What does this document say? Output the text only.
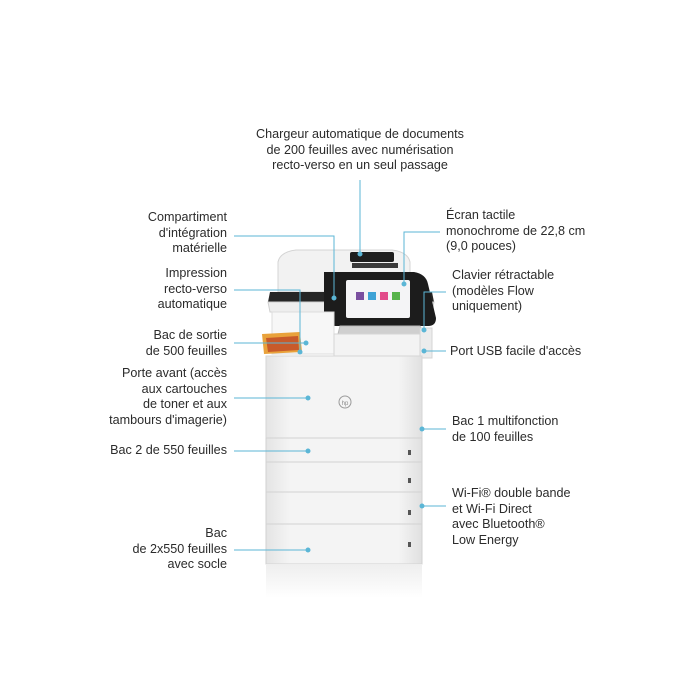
hp
Chargeur automatique de documents
de 200 feuilles avec numérisation
recto-verso en un seul passage
Compartiment
d'intégration
matérielle
Impression
recto-verso
automatique
Bac de sortie
de 500 feuilles
Porte avant (accès
aux cartouches
de toner et aux
tambours d'imagerie)
Bac 2 de 550 feuilles
Bac
de 2x550 feuilles
avec socle
Écran tactile
monochrome de 22,8 cm
(9,0 pouces)
Clavier rétractable
(modèles Flow
uniquement)
Port USB facile d'accès
Bac 1 multifonction
de 100 feuilles
Wi-Fi® double bande
et Wi-Fi Direct
avec Bluetooth®
Low Energy
